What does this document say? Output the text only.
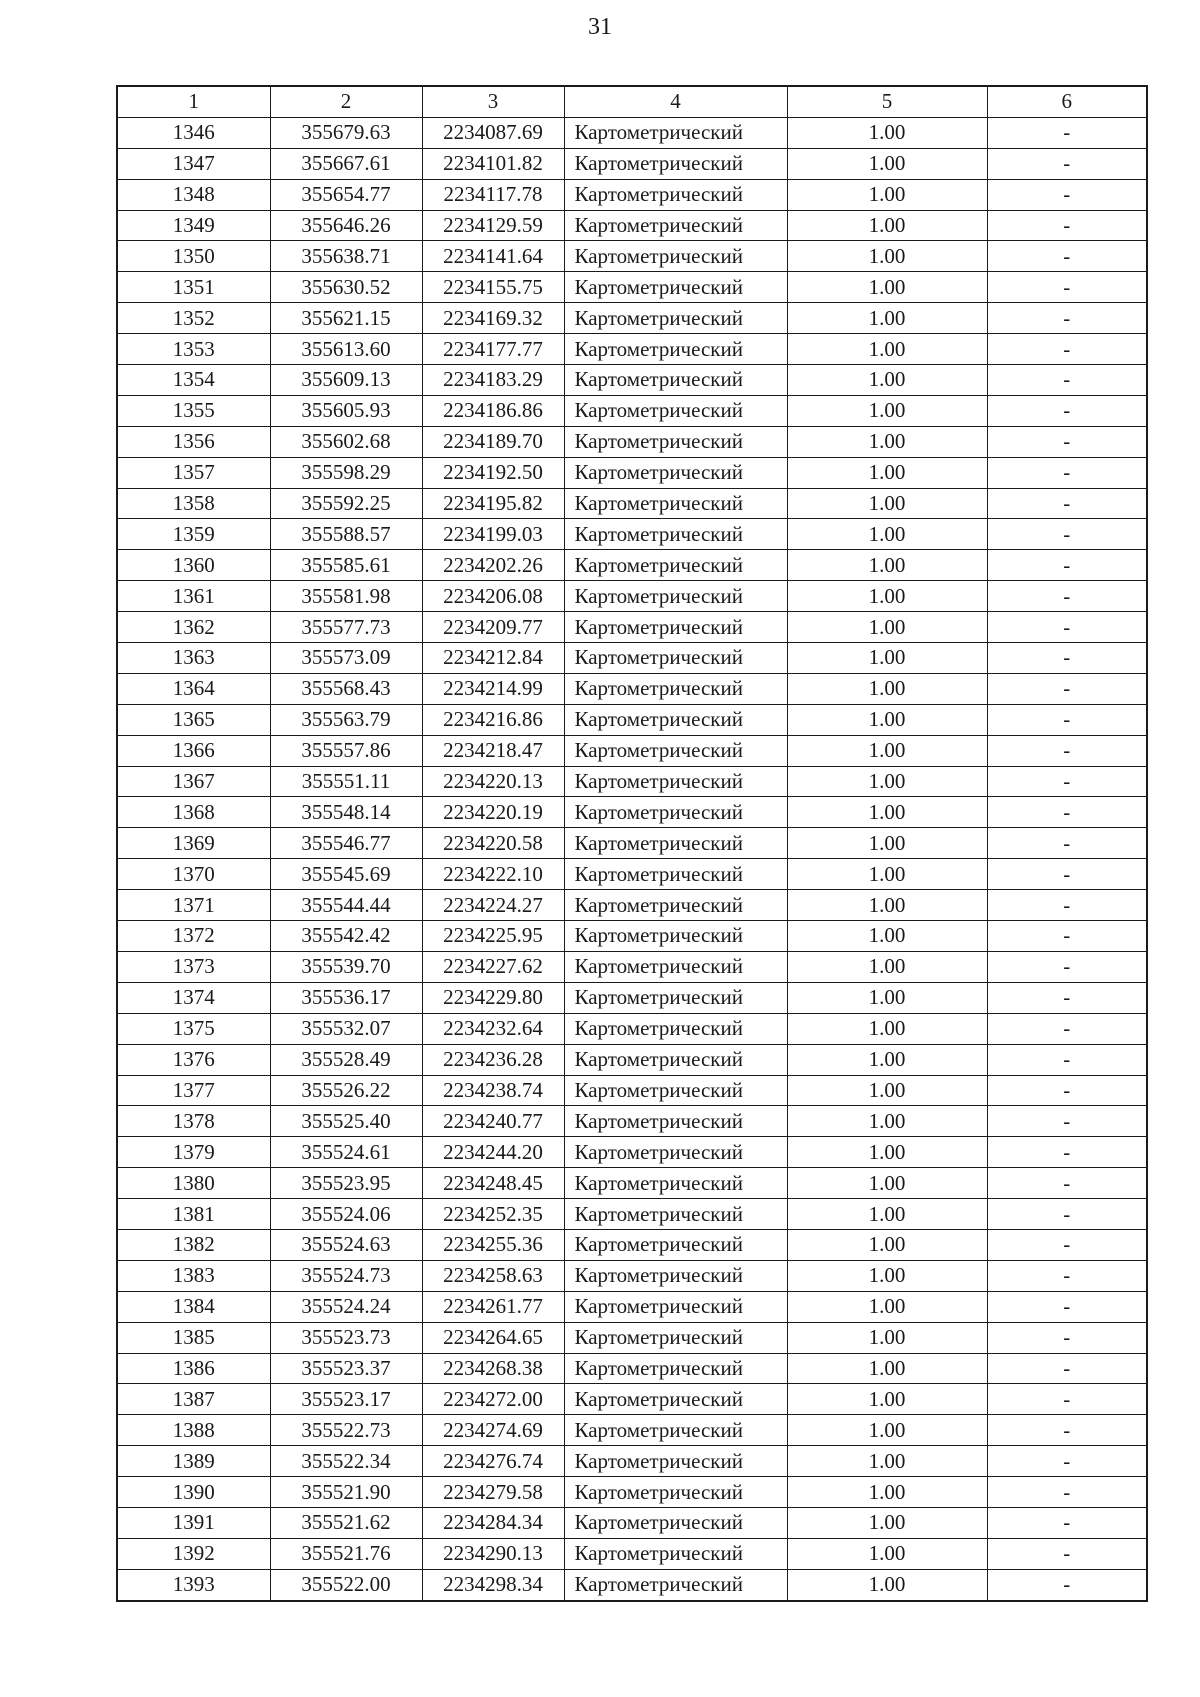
31
1	2	3	4	5	6
1346	355679.63	2234087.69	Картометрический	1.00	-
1347	355667.61	2234101.82	Картометрический	1.00	-
1348	355654.77	2234117.78	Картометрический	1.00	-
1349	355646.26	2234129.59	Картометрический	1.00	-
1350	355638.71	2234141.64	Картометрический	1.00	-
1351	355630.52	2234155.75	Картометрический	1.00	-
1352	355621.15	2234169.32	Картометрический	1.00	-
1353	355613.60	2234177.77	Картометрический	1.00	-
1354	355609.13	2234183.29	Картометрический	1.00	-
1355	355605.93	2234186.86	Картометрический	1.00	-
1356	355602.68	2234189.70	Картометрический	1.00	-
1357	355598.29	2234192.50	Картометрический	1.00	-
1358	355592.25	2234195.82	Картометрический	1.00	-
1359	355588.57	2234199.03	Картометрический	1.00	-
1360	355585.61	2234202.26	Картометрический	1.00	-
1361	355581.98	2234206.08	Картометрический	1.00	-
1362	355577.73	2234209.77	Картометрический	1.00	-
1363	355573.09	2234212.84	Картометрический	1.00	-
1364	355568.43	2234214.99	Картометрический	1.00	-
1365	355563.79	2234216.86	Картометрический	1.00	-
1366	355557.86	2234218.47	Картометрический	1.00	-
1367	355551.11	2234220.13	Картометрический	1.00	-
1368	355548.14	2234220.19	Картометрический	1.00	-
1369	355546.77	2234220.58	Картометрический	1.00	-
1370	355545.69	2234222.10	Картометрический	1.00	-
1371	355544.44	2234224.27	Картометрический	1.00	-
1372	355542.42	2234225.95	Картометрический	1.00	-
1373	355539.70	2234227.62	Картометрический	1.00	-
1374	355536.17	2234229.80	Картометрический	1.00	-
1375	355532.07	2234232.64	Картометрический	1.00	-
1376	355528.49	2234236.28	Картометрический	1.00	-
1377	355526.22	2234238.74	Картометрический	1.00	-
1378	355525.40	2234240.77	Картометрический	1.00	-
1379	355524.61	2234244.20	Картометрический	1.00	-
1380	355523.95	2234248.45	Картометрический	1.00	-
1381	355524.06	2234252.35	Картометрический	1.00	-
1382	355524.63	2234255.36	Картометрический	1.00	-
1383	355524.73	2234258.63	Картометрический	1.00	-
1384	355524.24	2234261.77	Картометрический	1.00	-
1385	355523.73	2234264.65	Картометрический	1.00	-
1386	355523.37	2234268.38	Картометрический	1.00	-
1387	355523.17	2234272.00	Картометрический	1.00	-
1388	355522.73	2234274.69	Картометрический	1.00	-
1389	355522.34	2234276.74	Картометрический	1.00	-
1390	355521.90	2234279.58	Картометрический	1.00	-
1391	355521.62	2234284.34	Картометрический	1.00	-
1392	355521.76	2234290.13	Картометрический	1.00	-
1393	355522.00	2234298.34	Картометрический	1.00	-
